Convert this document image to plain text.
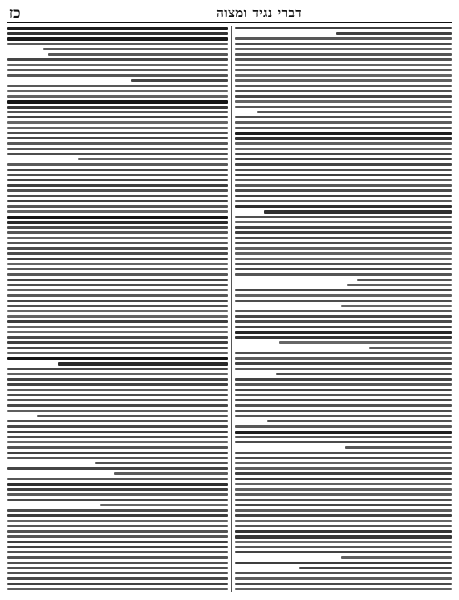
דברי נגיד ומצוה
כז
